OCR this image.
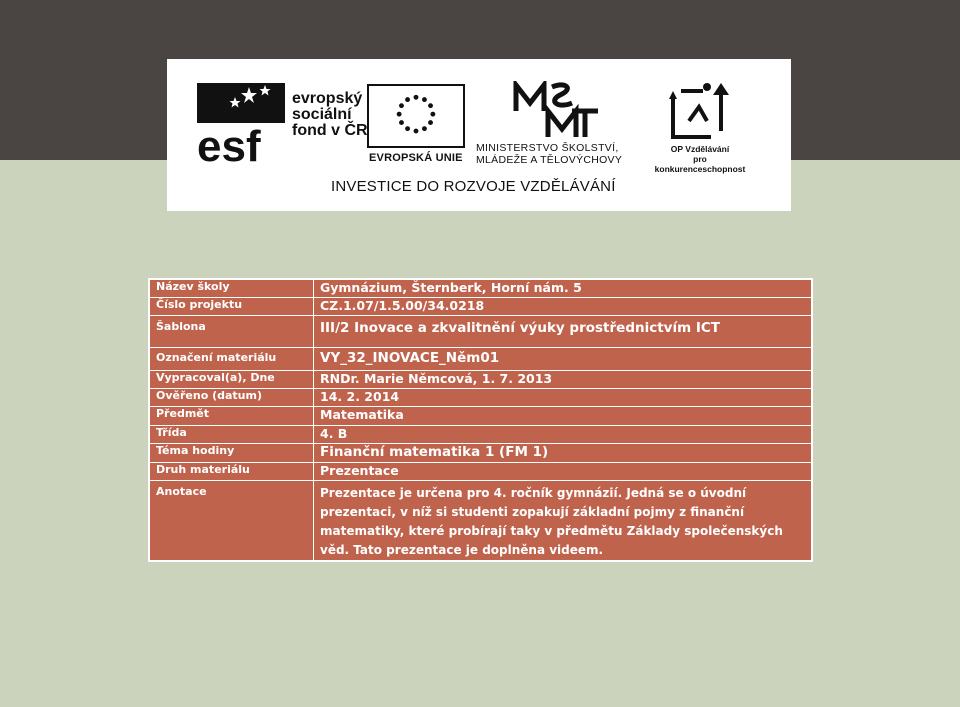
esf
evropský
sociální
fond v ČR
EVROPSKÁ UNIE
MINISTERSTVO ŠKOLSTVÍ,
MLÁDEŽE A TĚLOVÝCHOVY
OP Vzdělávání
pro konkurenceschopnost
INVESTICE DO ROZVOJE VZDĚLÁVÁNÍ
Název školy	Gymnázium, Šternberk, Horní nám. 5
Číslo projektu	CZ.1.07/1.5.00/34.0218
Šablona	III/2 Inovace a zkvalitnění výuky prostřednictvím ICT
Označení materiálu	VY_32_INOVACE_Něm01
Vypracoval(a), Dne	RNDr. Marie Němcová, 1. 7. 2013
Ověřeno (datum)	14. 2. 2014
Předmět	Matematika
Třída	4. B
Téma hodiny	Finanční matematika 1 (FM 1)
Druh materiálu	Prezentace
Anotace	Prezentace je určena pro 4. ročník gymnázií. Jedná se o úvodní prezentaci, v níž si studenti zopakují základní pojmy z finanční matematiky, které probírají taky v předmětu Základy společenských věd. Tato prezentace je doplněna videem.
